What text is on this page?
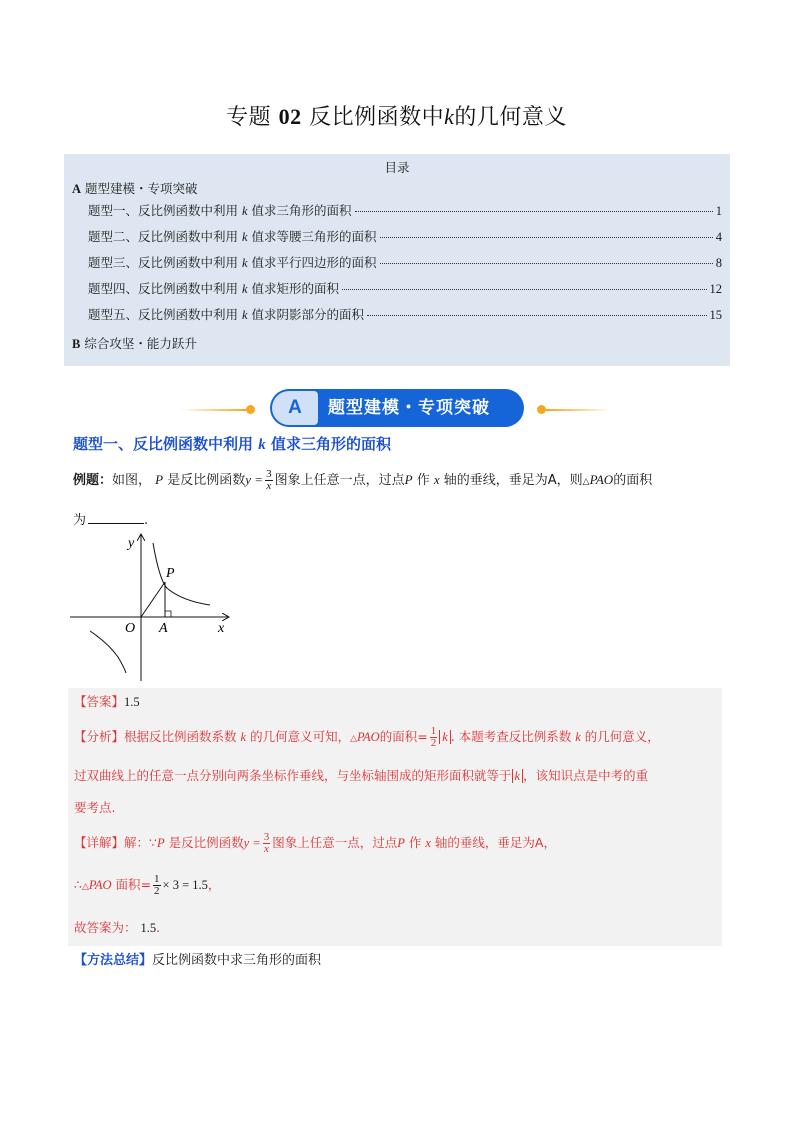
专题 02 反比例函数中k的几何意义
目录
A 题型建模・专项突破
题型一、反比例函数中利用
k
值求三角形的面积	1
题型二、反比例函数中利用
k
值求等腰三角形的面积	4
题型三、反比例函数中利用
k
值求平行四边形的面积	8
题型四、反比例函数中利用
k
值求矩形的面积	12
题型五、反比例函数中利用
k
值求阴影部分的面积	15
B 综合攻坚・能力跃升
A	题型建模・专项突破
题型一、反比例函数中利用 k 值求三角形的面积
例题：如图， P 是反比例函数$y = \frac{3}{x}$ 图象上任意一点，过点P 作 x 轴的垂线，垂足为A，则△PAO的面积
为	.
y
x
P
O A
【答案】1.5
【分析】根据反比例函数系数 k 的几何意义可知，△PAO的面积= $\frac{1}{2}$ k . 本题考查反比例系数 k 的几何意义，
过双曲线上的任意一点分别向两条坐标作垂线，与坐标轴围成的矩形面积就等于 k ，该知识点是中考的重
要考点.
【详解】解：∵P 是反比例函数$y = \frac{3}{x}$ 图象上任意一点，过点P 作 x 轴的垂线，垂足为A，
∴△PAO 面积= $\frac{1}{2} \times 3 = 1.5$，
故答案为： 1.5.
【方法总结】反比例函数中求三角形的面积
